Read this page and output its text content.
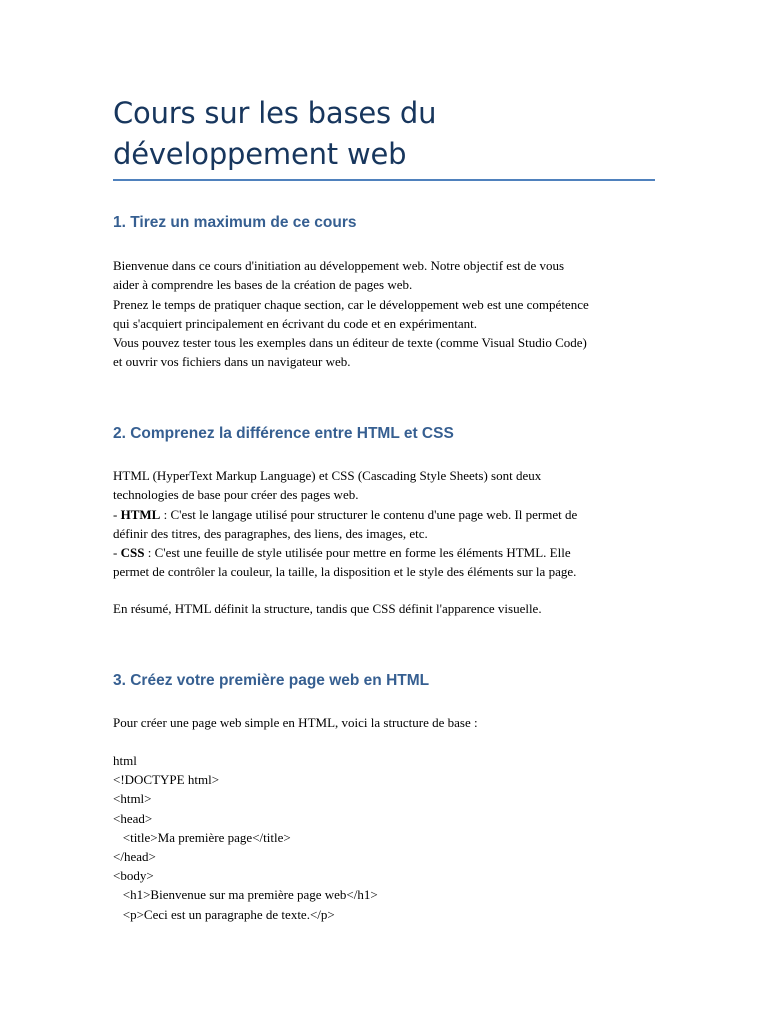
Cours sur les bases du développement web
1. Tirez un maximum de ce cours

Bienvenue dans ce cours d'initiation au développement web. Notre objectif est de vous
aider à comprendre les bases de la création de pages web.
Prenez le temps de pratiquer chaque section, car le développement web est une compétence
qui s'acquiert principalement en écrivant du code et en expérimentant.
Vous pouvez tester tous les exemples dans un éditeur de texte (comme Visual Studio Code)
et ouvrir vos fichiers dans un navigateur web.

2. Comprenez la différence entre HTML et CSS

HTML (HyperText Markup Language) et CSS (Cascading Style Sheets) sont deux
technologies de base pour créer des pages web.
- HTML : C'est le langage utilisé pour structurer le contenu d'une page web. Il permet de
définir des titres, des paragraphes, des liens, des images, etc.
- CSS : C'est une feuille de style utilisée pour mettre en forme les éléments HTML. Elle
permet de contrôler la couleur, la taille, la disposition et le style des éléments sur la page.

En résumé, HTML définit la structure, tandis que CSS définit l'apparence visuelle.

3. Créez votre première page web en HTML

Pour créer une page web simple en HTML, voici la structure de base :

html
<!DOCTYPE html>
<html>
<head>
<title>Ma première page</title>
</head>
<body>
<h1>Bienvenue sur ma première page web</h1>
<p>Ceci est un paragraphe de texte.</p>
